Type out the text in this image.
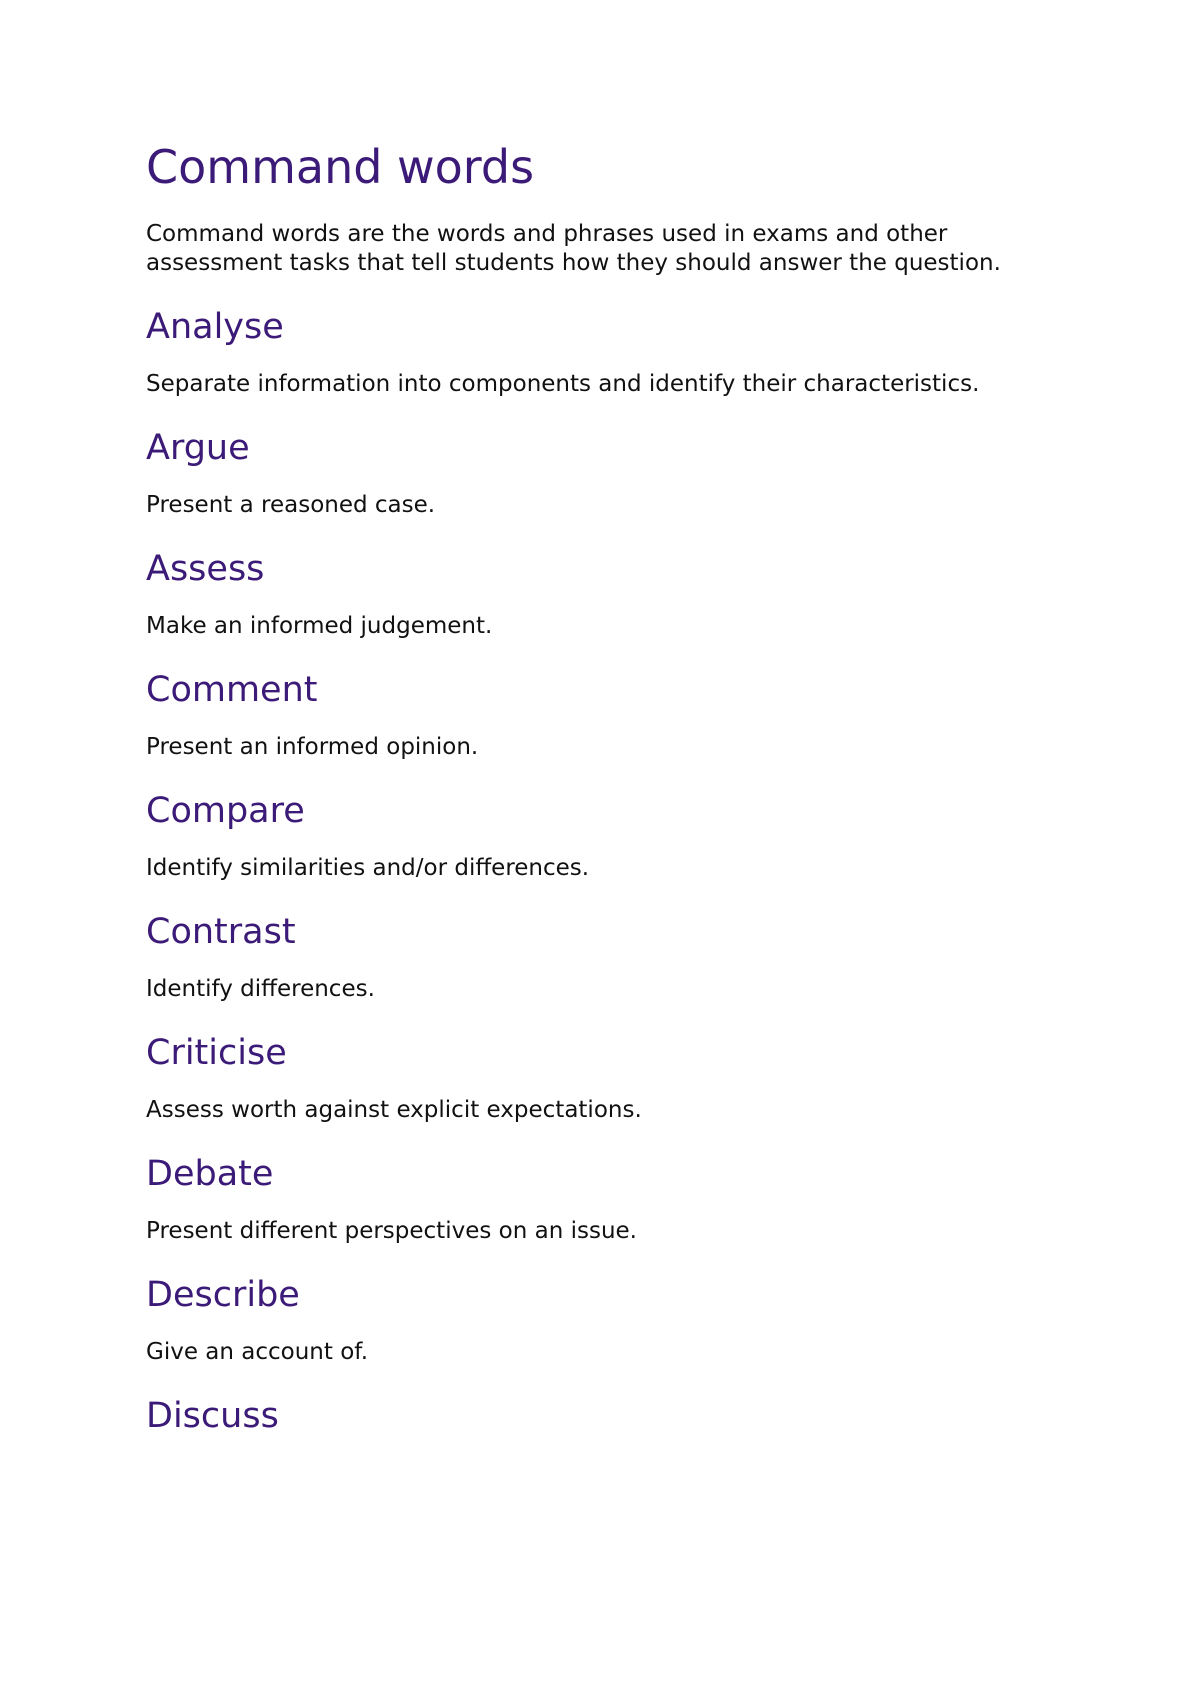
Command words

Command words are the words and phrases used in exams and other assessment tasks that tell students how they should answer the question.

Analyse

Separate information into components and identify their characteristics.

Argue

Present a reasoned case.

Assess

Make an informed judgement.

Comment

Present an informed opinion.

Compare

Identify similarities and/or differences.

Contrast

Identify differences.

Criticise

Assess worth against explicit expectations.

Debate

Present different perspectives on an issue.

Describe

Give an account of.

Discuss
